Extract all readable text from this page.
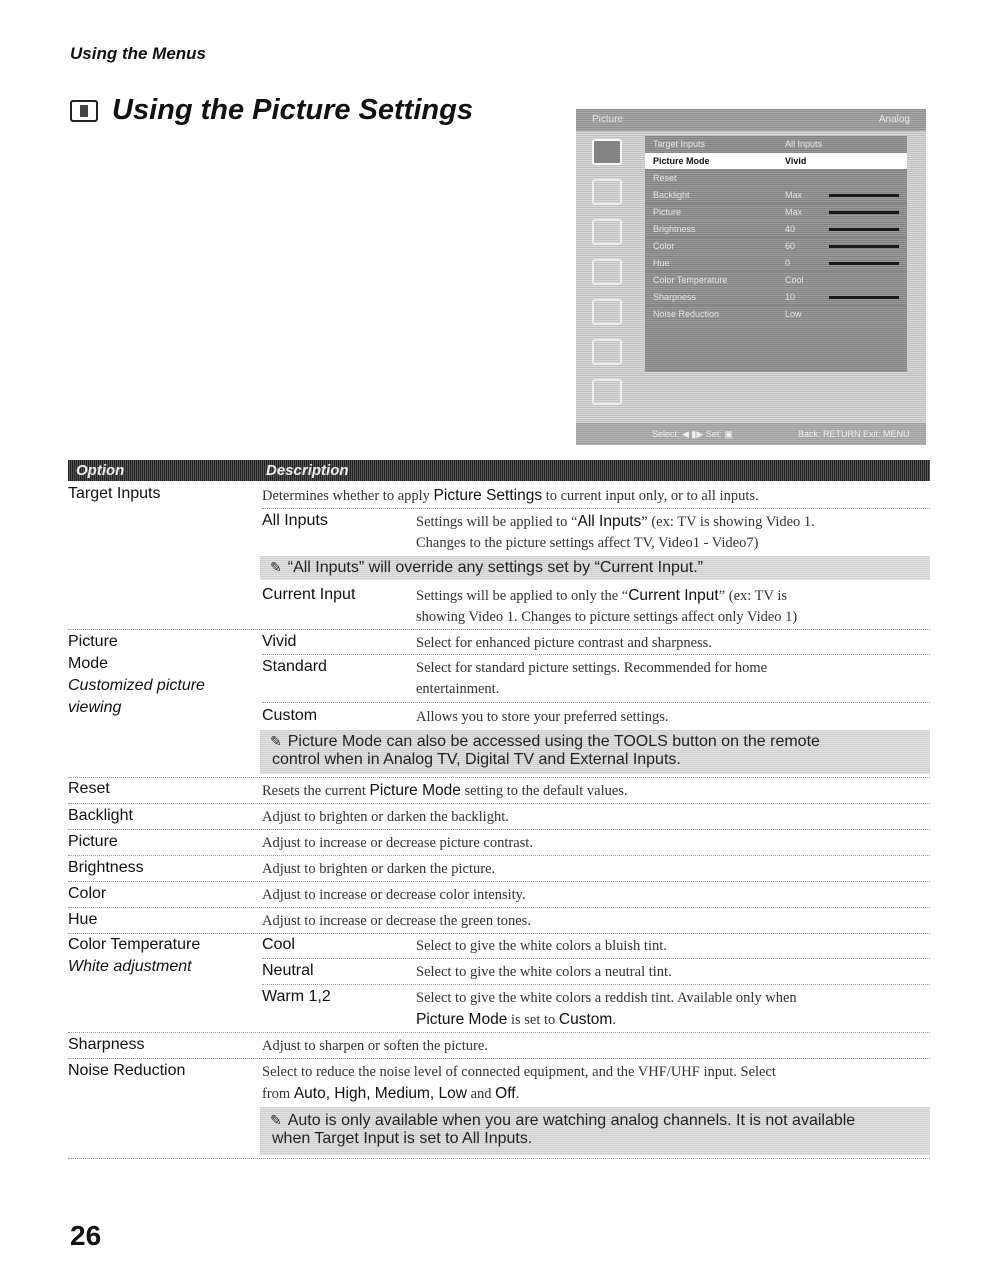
Using the Menus
Using the Picture Settings	Picture	Analog
Target Inputs	All Inputs
Picture Mode	Vivid
Reset
Backlight	Max
Picture	Max
Brightness	40
Color	60
Hue	0
Color Temperature	Cool
Sharpness	10
Noise Reduction	Low
Select: ◀ ▮▶ Set: ▣	Back: RETURN Exit: MENU
Option	Description
Target Inputs	Determines whether to apply Picture Settings to current input only, or to all inputs.
All Inputs	Settings will be applied to “All Inputs” (ex: TV is showing Video 1.
Changes to the picture settings affect TV, Video1 - Video7)
✎ “All Inputs” will override any settings set by “Current Input.”
Current Input	Settings will be applied to only the “Current Input” (ex: TV is
showing Video 1. Changes to picture settings affect only Video 1)
Picture
Mode
Customized picture
viewing
Vivid	Select for enhanced picture contrast and sharpness.
Standard	Select for standard picture settings. Recommended for home
entertainment.
Custom	Allows you to store your preferred settings.
✎ Picture Mode can also be accessed using the TOOLS button on the remote
control when in Analog TV, Digital TV and External Inputs.
Reset	Resets the current Picture Mode setting to the default values.
Backlight	Adjust to brighten or darken the backlight.
Picture	Adjust to increase or decrease picture contrast.
Brightness	Adjust to brighten or darken the picture.
Color	Adjust to increase or decrease color intensity.
Hue	Adjust to increase or decrease the green tones.
Color Temperature
White adjustment
Cool	Select to give the white colors a bluish tint.
Neutral	Select to give the white colors a neutral tint.
Warm 1,2	Select to give the white colors a reddish tint. Available only when
Picture Mode is set to Custom.
Sharpness	Adjust to sharpen or soften the picture.
Noise Reduction	Select to reduce the noise level of connected equipment, and the VHF/UHF input. Select
from Auto, High, Medium, Low and Off.
✎ Auto is only available when you are watching analog channels. It is not available
when Target Input is set to All Inputs.
26
